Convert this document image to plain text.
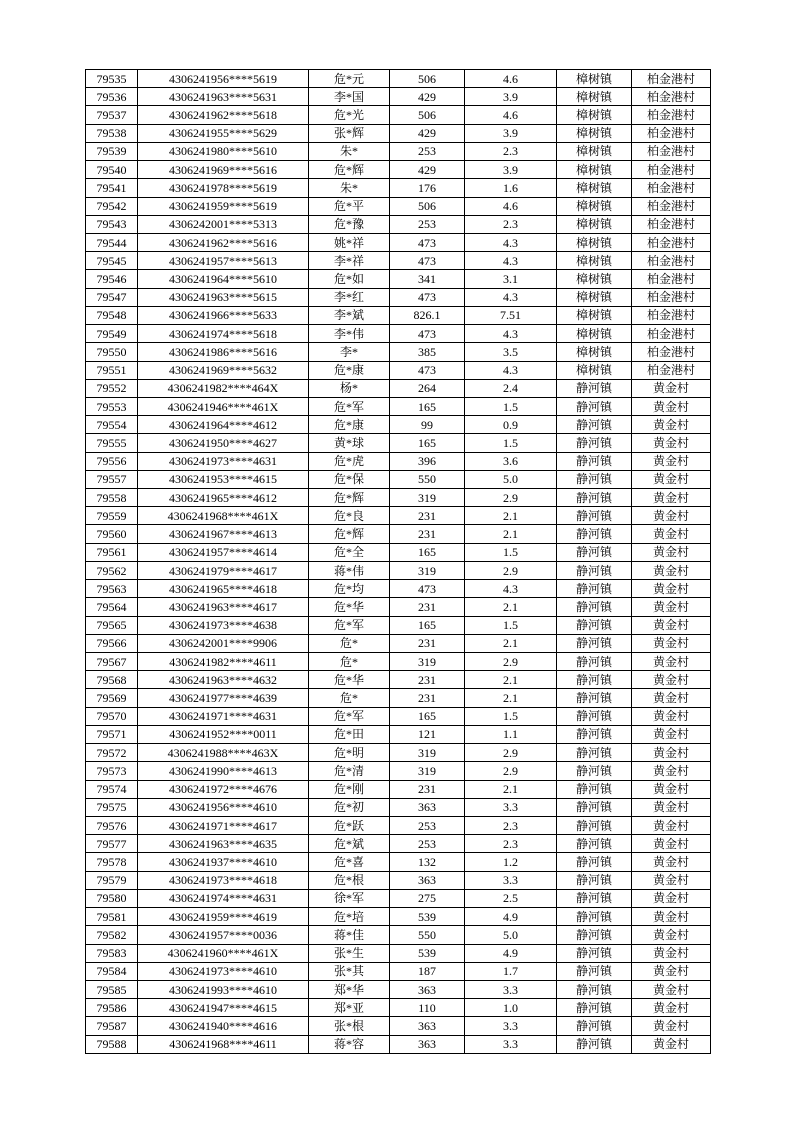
79535	4306241956****5619	危*元	506	4.6	樟树镇	柏金港村
79536	4306241963****5631	李*国	429	3.9	樟树镇	柏金港村
79537	4306241962****5618	危*光	506	4.6	樟树镇	柏金港村
79538	4306241955****5629	张*辉	429	3.9	樟树镇	柏金港村
79539	4306241980****5610	朱*	253	2.3	樟树镇	柏金港村
79540	4306241969****5616	危*辉	429	3.9	樟树镇	柏金港村
79541	4306241978****5619	朱*	176	1.6	樟树镇	柏金港村
79542	4306241959****5619	危*平	506	4.6	樟树镇	柏金港村
79543	4306242001****5313	危*豫	253	2.3	樟树镇	柏金港村
79544	4306241962****5616	姚*祥	473	4.3	樟树镇	柏金港村
79545	4306241957****5613	李*祥	473	4.3	樟树镇	柏金港村
79546	4306241964****5610	危*如	341	3.1	樟树镇	柏金港村
79547	4306241963****5615	李*红	473	4.3	樟树镇	柏金港村
79548	4306241966****5633	李*斌	826.1	7.51	樟树镇	柏金港村
79549	4306241974****5618	李*伟	473	4.3	樟树镇	柏金港村
79550	4306241986****5616	李*	385	3.5	樟树镇	柏金港村
79551	4306241969****5632	危*康	473	4.3	樟树镇	柏金港村
79552	4306241982****464X	杨*	264	2.4	静河镇	黄金村
79553	4306241946****461X	危*军	165	1.5	静河镇	黄金村
79554	4306241964****4612	危*康	99	0.9	静河镇	黄金村
79555	4306241950****4627	黄*球	165	1.5	静河镇	黄金村
79556	4306241973****4631	危*虎	396	3.6	静河镇	黄金村
79557	4306241953****4615	危*保	550	5.0	静河镇	黄金村
79558	4306241965****4612	危*辉	319	2.9	静河镇	黄金村
79559	4306241968****461X	危*良	231	2.1	静河镇	黄金村
79560	4306241967****4613	危*辉	231	2.1	静河镇	黄金村
79561	4306241957****4614	危*全	165	1.5	静河镇	黄金村
79562	4306241979****4617	蒋*伟	319	2.9	静河镇	黄金村
79563	4306241965****4618	危*均	473	4.3	静河镇	黄金村
79564	4306241963****4617	危*华	231	2.1	静河镇	黄金村
79565	4306241973****4638	危*军	165	1.5	静河镇	黄金村
79566	4306242001****9906	危*	231	2.1	静河镇	黄金村
79567	4306241982****4611	危*	319	2.9	静河镇	黄金村
79568	4306241963****4632	危*华	231	2.1	静河镇	黄金村
79569	4306241977****4639	危*	231	2.1	静河镇	黄金村
79570	4306241971****4631	危*军	165	1.5	静河镇	黄金村
79571	4306241952****0011	危*田	121	1.1	静河镇	黄金村
79572	4306241988****463X	危*明	319	2.9	静河镇	黄金村
79573	4306241990****4613	危*清	319	2.9	静河镇	黄金村
79574	4306241972****4676	危*刚	231	2.1	静河镇	黄金村
79575	4306241956****4610	危*初	363	3.3	静河镇	黄金村
79576	4306241971****4617	危*跃	253	2.3	静河镇	黄金村
79577	4306241963****4635	危*斌	253	2.3	静河镇	黄金村
79578	4306241937****4610	危*喜	132	1.2	静河镇	黄金村
79579	4306241973****4618	危*根	363	3.3	静河镇	黄金村
79580	4306241974****4631	徐*军	275	2.5	静河镇	黄金村
79581	4306241959****4619	危*培	539	4.9	静河镇	黄金村
79582	4306241957****0036	蒋*佳	550	5.0	静河镇	黄金村
79583	4306241960****461X	张*生	539	4.9	静河镇	黄金村
79584	4306241973****4610	张*其	187	1.7	静河镇	黄金村
79585	4306241993****4610	郑*华	363	3.3	静河镇	黄金村
79586	4306241947****4615	郑*亚	110	1.0	静河镇	黄金村
79587	4306241940****4616	张*根	363	3.3	静河镇	黄金村
79588	4306241968****4611	蒋*容	363	3.3	静河镇	黄金村
